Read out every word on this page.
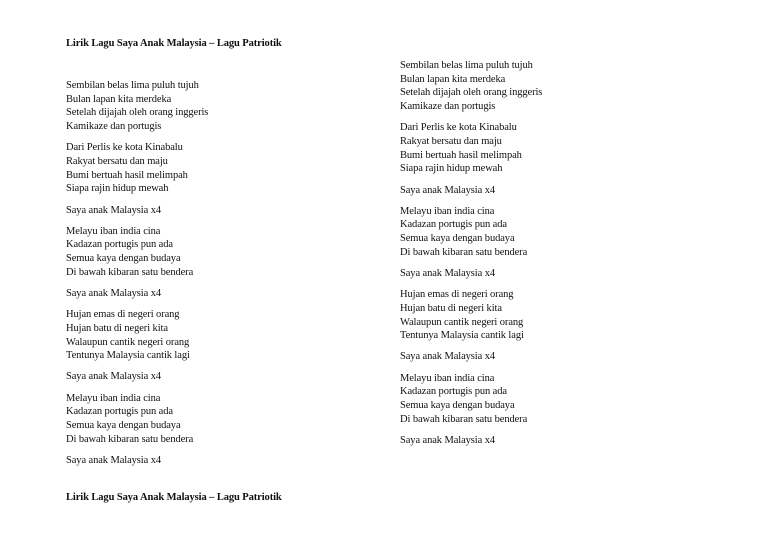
Lirik Lagu Saya Anak Malaysia – Lagu Patriotik
Sembilan belas lima puluh tujuh
Bulan lapan kita merdeka
Setelah dijajah oleh orang inggeris
Kamikaze dan portugis
Dari Perlis ke kota Kinabalu
Rakyat bersatu dan maju
Bumi bertuah hasil melimpah
Siapa rajin hidup mewah
Saya anak Malaysia x4
Melayu iban india cina
Kadazan portugis pun ada
Semua kaya dengan budaya
Di bawah kibaran satu bendera
Saya anak Malaysia x4
Hujan emas di negeri orang
Hujan batu di negeri kita
Walaupun cantik negeri orang
Tentunya Malaysia cantik lagi
Saya anak Malaysia x4
Melayu iban india cina
Kadazan portugis pun ada
Semua kaya dengan budaya
Di bawah kibaran satu bendera
Saya anak Malaysia x4
Sembilan belas lima puluh tujuh
Bulan lapan kita merdeka
Setelah dijajah oleh orang inggeris
Kamikaze dan portugis
Dari Perlis ke kota Kinabalu
Rakyat bersatu dan maju
Bumi bertuah hasil melimpah
Siapa rajin hidup mewah
Saya anak Malaysia x4
Melayu iban india cina
Kadazan portugis pun ada
Semua kaya dengan budaya
Di bawah kibaran satu bendera
Saya anak Malaysia x4
Hujan emas di negeri orang
Hujan batu di negeri kita
Walaupun cantik negeri orang
Tentunya Malaysia cantik lagi
Saya anak Malaysia x4
Melayu iban india cina
Kadazan portugis pun ada
Semua kaya dengan budaya
Di bawah kibaran satu bendera
Saya anak Malaysia x4
Lirik Lagu Saya Anak Malaysia – Lagu Patriotik
